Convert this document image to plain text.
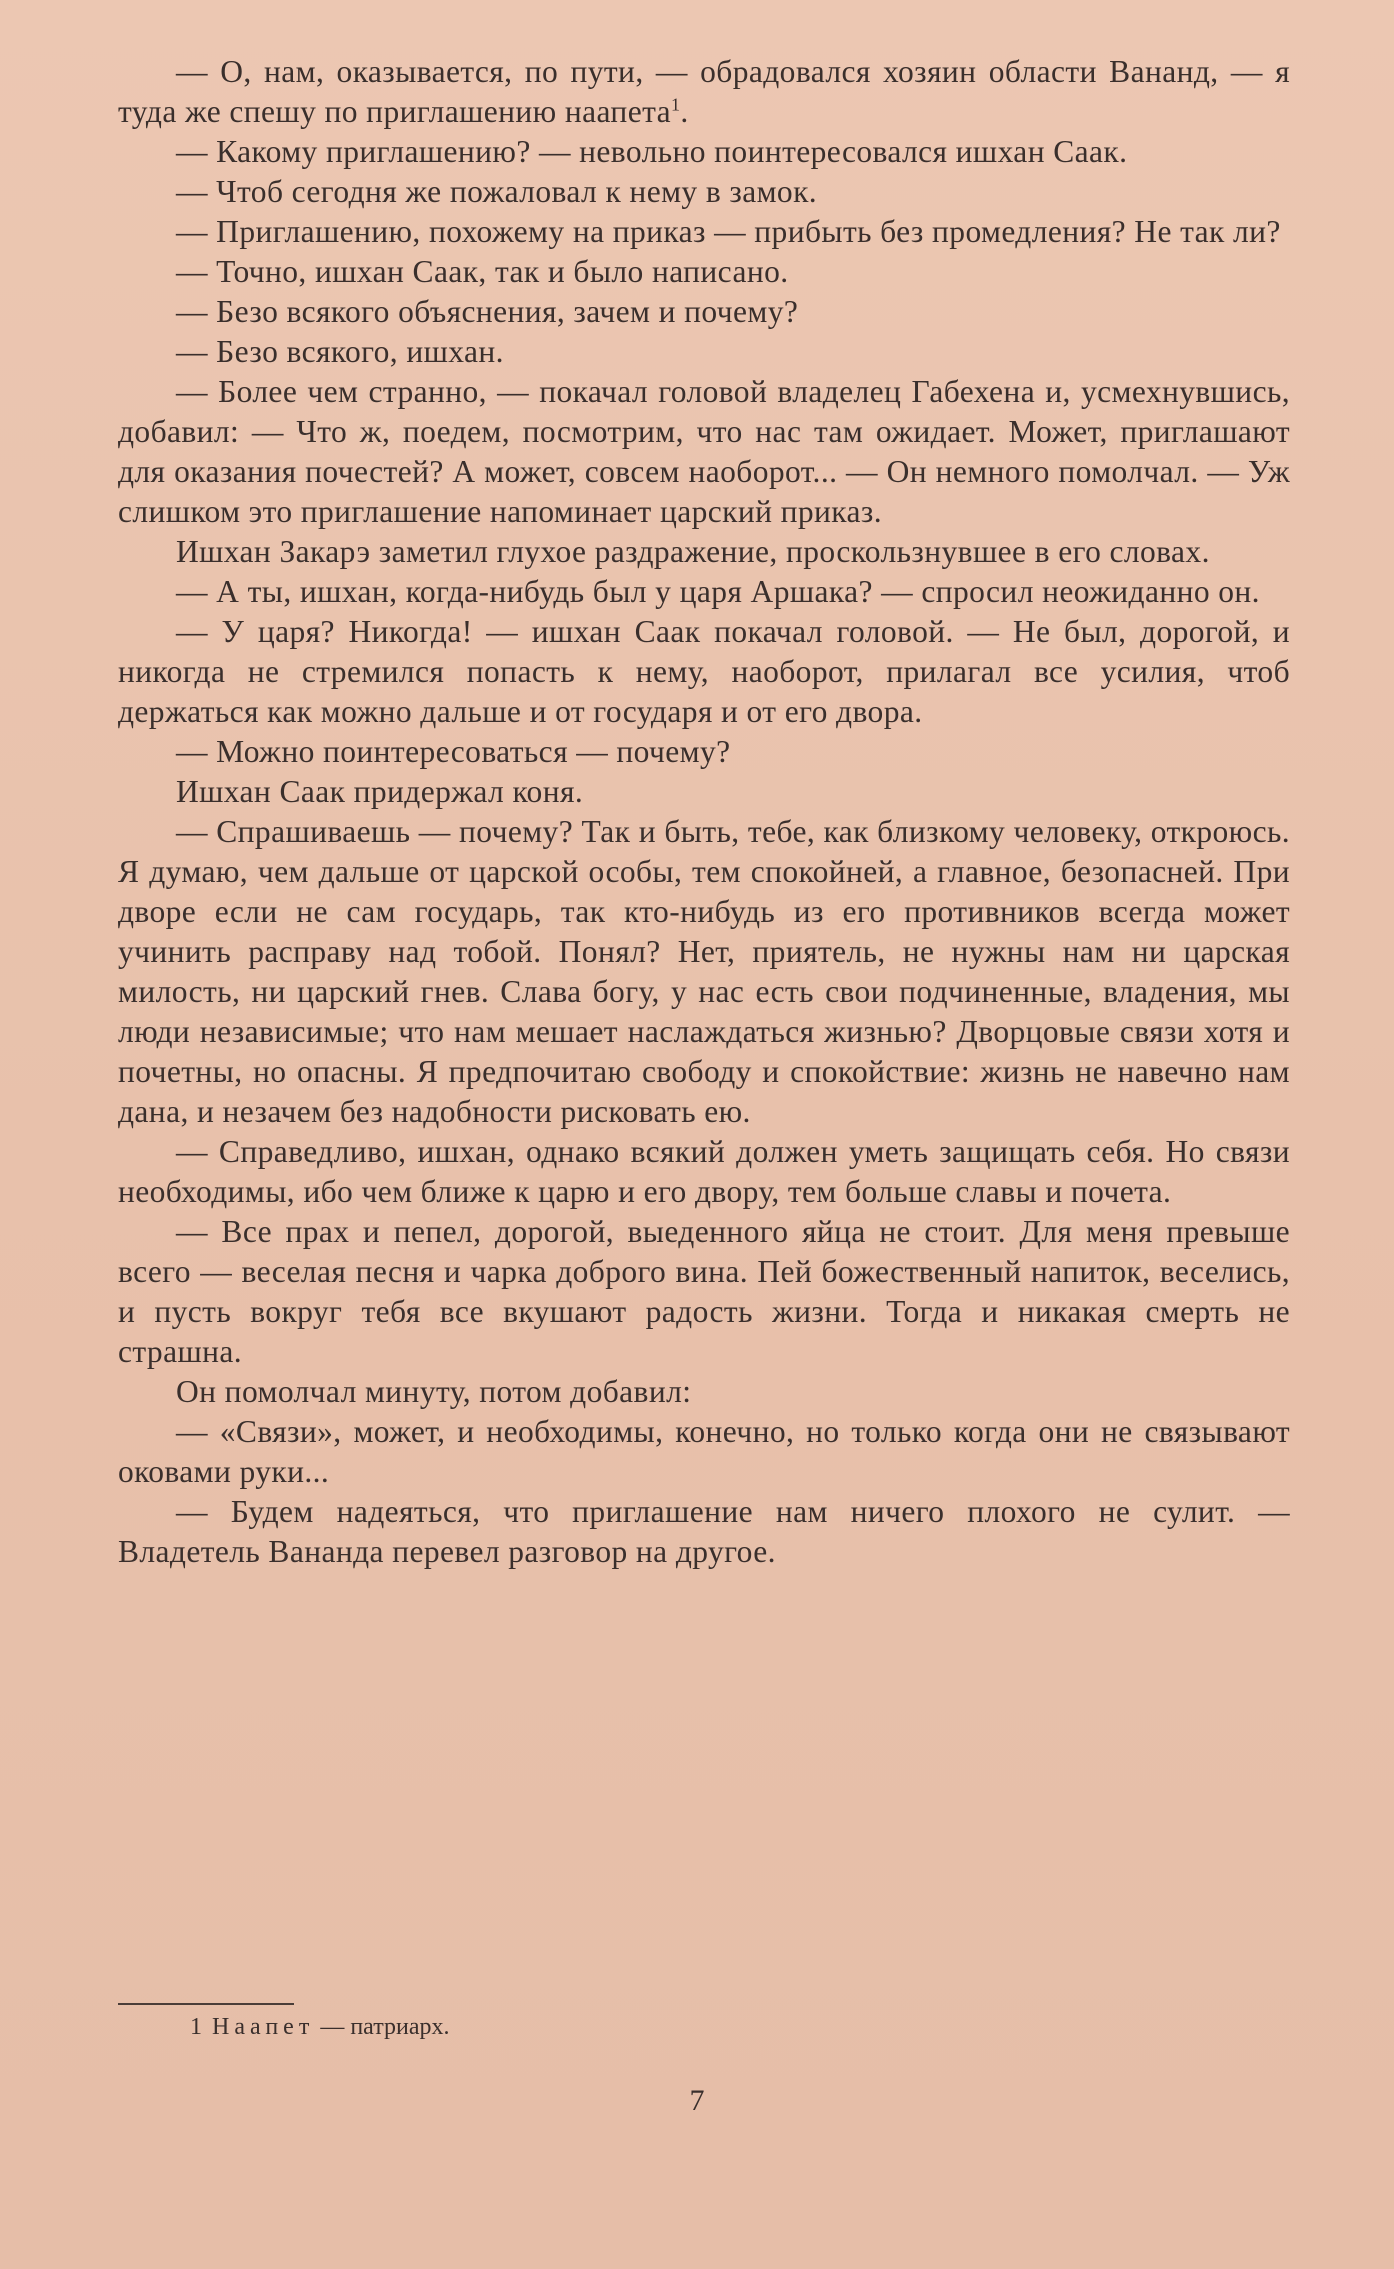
— О, нам, оказывается, по пути, — обрадовался хозяин области Вананд, — я туда же спешу по приглашению наапета$^1$.

— Какому приглашению? — невольно поинтересовался ишхан Саак.

— Чтоб сегодня же пожаловал к нему в замок.

— Приглашению, похожему на приказ — прибыть без промедления? Не так ли?

— Точно, ишхан Саак, так и было написано.

— Безо всякого объяснения, зачем и почему?

— Безо всякого, ишхан.

— Более чем странно, — покачал головой владелец Габехена и, усмехнувшись, добавил: — Что ж, поедем, посмотрим, что нас там ожидает. Может, приглашают для оказания почестей? А может, совсем наоборот... — Он немного помолчал. — Уж слишком это приглашение напоминает царский приказ.

Ишхан Закарэ заметил глухое раздражение, проскользнувшее в его словах.

— А ты, ишхан, когда-нибудь был у царя Аршака? — спросил неожиданно он.

— У царя? Никогда! — ишхан Саак покачал головой. — Не был, дорогой, и никогда не стремился попасть к нему, наоборот, прилагал все усилия, чтоб держаться как можно дальше и от государя и от его двора.

— Можно поинтересоваться — почему?

Ишхан Саак придержал коня.

— Спрашиваешь — почему? Так и быть, тебе, как близкому человеку, откроюсь. Я думаю, чем дальше от царской особы, тем спокойней, а главное, безопасней. При дворе если не сам государь, так кто-нибудь из его противников всегда может учинить расправу над тобой. Понял? Нет, приятель, не нужны нам ни царская милость, ни царский гнев. Слава богу, у нас есть свои подчиненные, владения, мы люди независимые; что нам мешает наслаждаться жизнью? Дворцовые связи хотя и почетны, но опасны. Я предпочитаю свободу и спокойствие: жизнь не навечно нам дана, и незачем без надобности рисковать ею.

— Справедливо, ишхан, однако всякий должен уметь защищать себя. Но связи необходимы, ибо чем ближе к царю и его двору, тем больше славы и почета.

— Все прах и пепел, дорогой, выеденного яйца не стоит. Для меня превыше всего — веселая песня и чарка доброго вина. Пей божественный напиток, веселись, и пусть вокруг тебя все вкушают радость жизни. Тогда и никакая смерть не страшна.

Он помолчал минуту, потом добавил:

— «Связи», может, и необходимы, конечно, но только когда они не связывают оковами руки...

— Будем надеяться, что приглашение нам ничего плохого не сулит. — Владетель Вананда перевел разговор на другое.

1 Наапет — патриарх.
7
